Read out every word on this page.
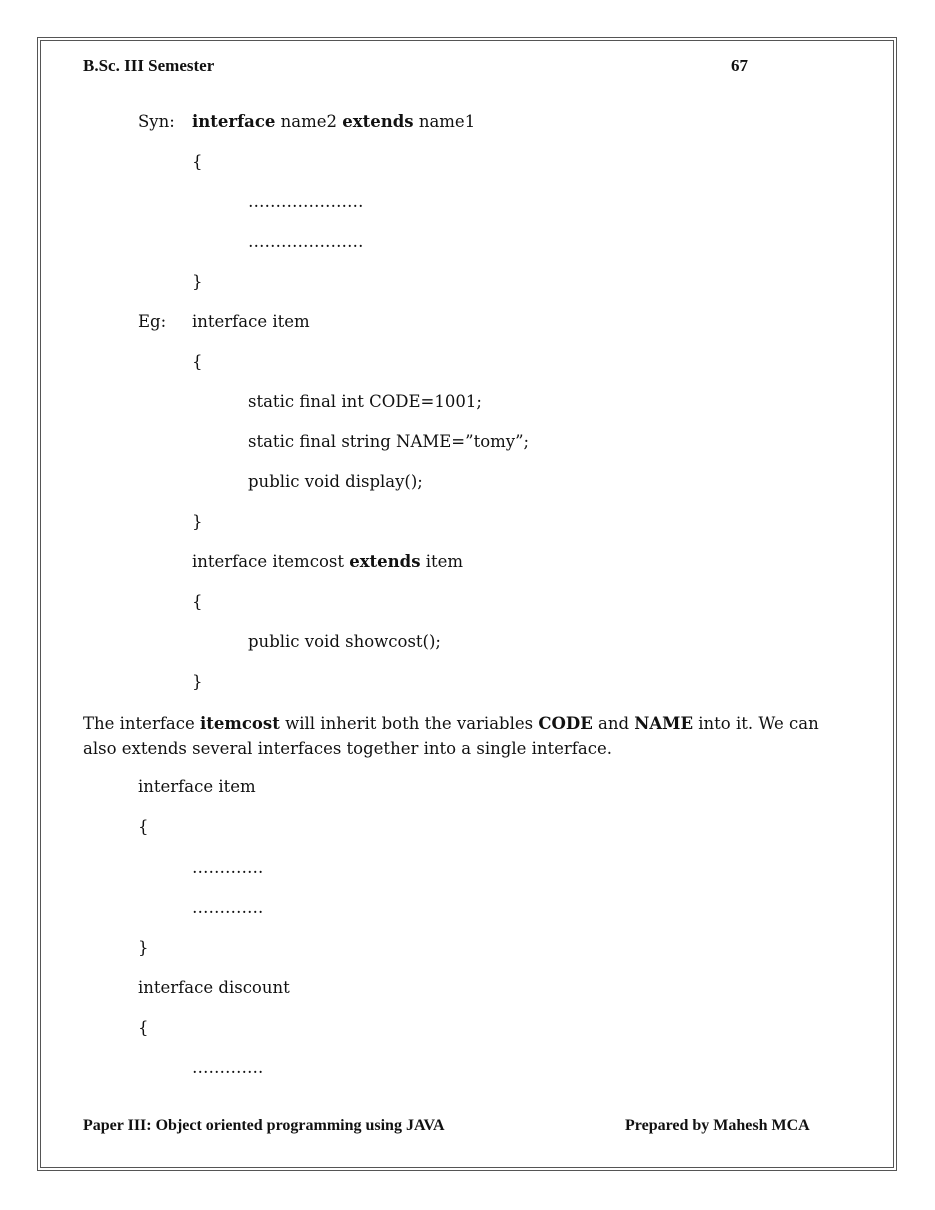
B.Sc. III Semester	67
Syn: interface name2 extends name1
{
…………………
…………………
}
Eg: interface item
{
static final int CODE=1001;
static final string NAME=”tomy”;
public void display();
}
interface itemcost extends item
{
public void showcost();
}
The interface itemcost will inherit both the variables CODE and NAME into it. We can also extends several interfaces together into a single interface.
interface item
{
………….
………….
}
interface discount
{
………….
Paper III: Object oriented programming using JAVA	Prepared by Mahesh MCA
